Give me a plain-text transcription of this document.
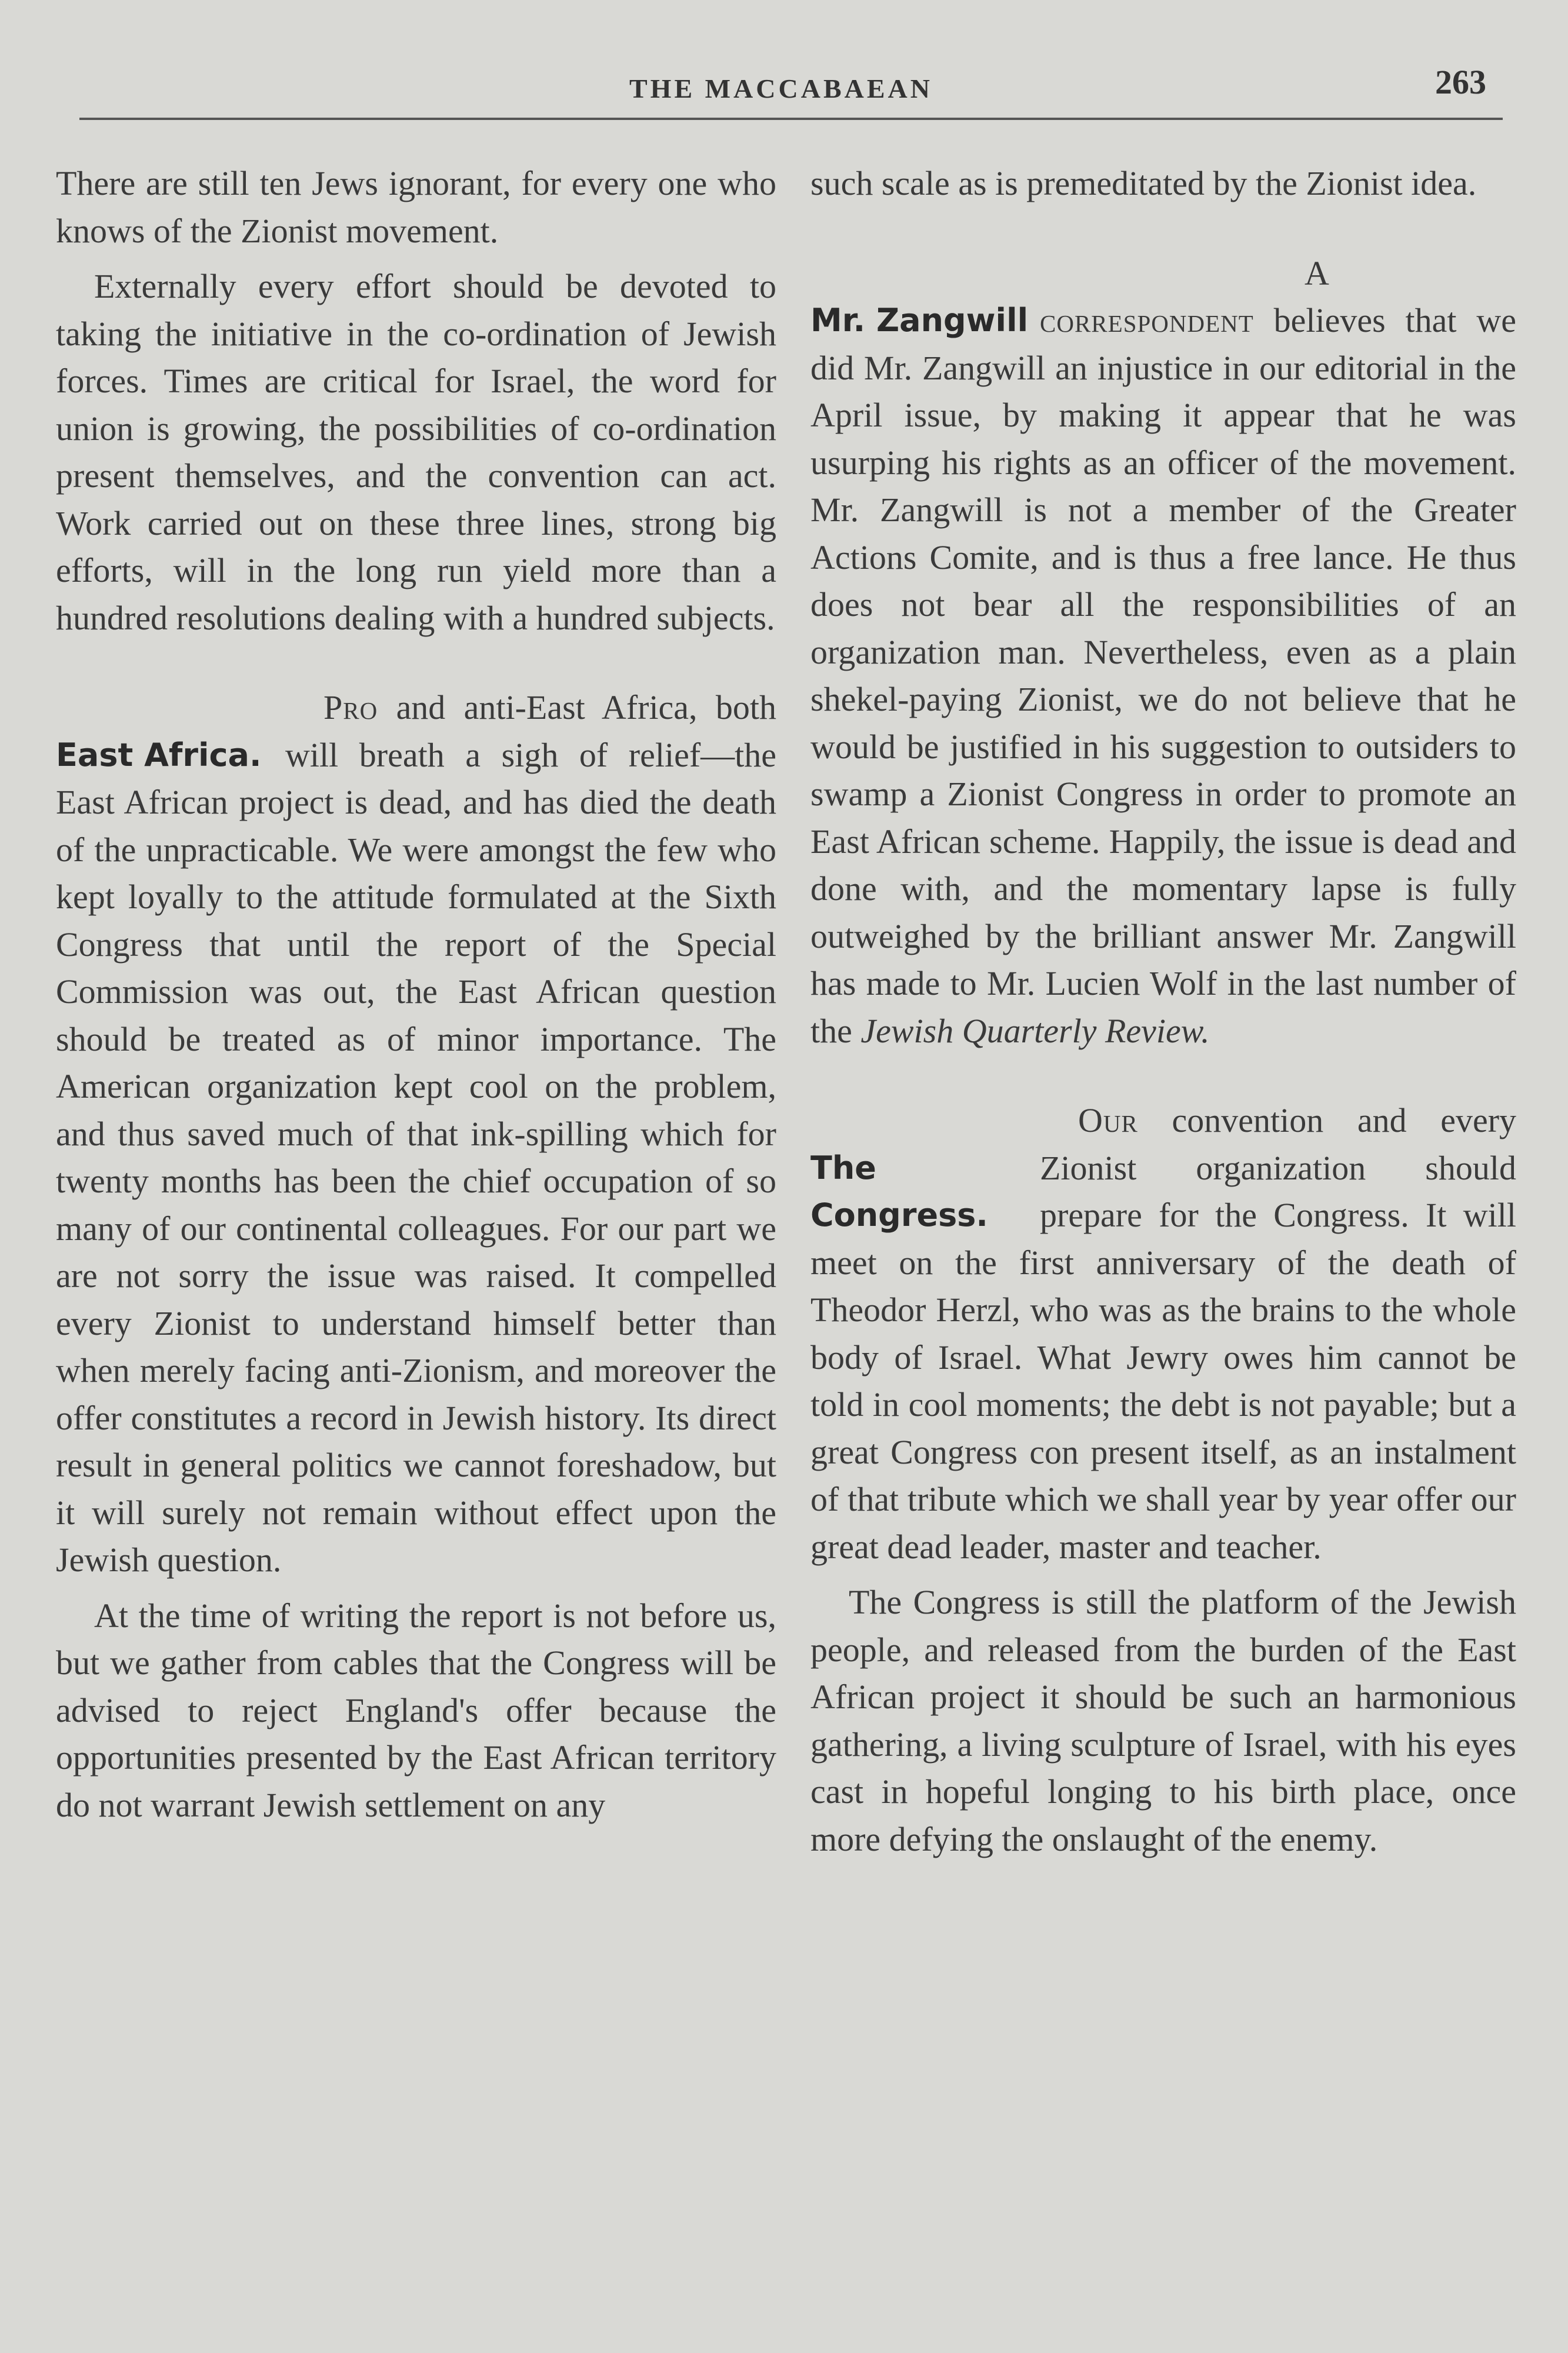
THE MACCABAEAN	263

There are still ten Jews ignorant, for every one who knows of the Zionist movement.

Externally every effort should be devoted to taking the initiative in the co-ordination of Jewish forces. Times are critical for Israel, the word for union is growing, the possibilities of co-ordination present themselves, and the convention can act. Work carried out on these three lines, strong big efforts, will in the long run yield more than a hundred resolutions dealing with a hundred subjects.

East Africa.

Pro and anti-East Africa, both will breath a sigh of relief—the East African project is dead, and has died the death of the unpracticable. We were amongst the few who kept loyally to the attitude formulated at the Sixth Congress that until the report of the Special Commission was out, the East African question should be treated as of minor importance. The American organization kept cool on the problem, and thus saved much of that ink-spilling which for twenty months has been the chief occupation of so many of our continental colleagues. For our part we are not sorry the issue was raised. It compelled every Zionist to understand himself better than when merely facing anti-Zionism, and moreover the offer constitutes a record in Jewish history. Its direct result in general politics we cannot foreshadow, but it will surely not remain without effect upon the Jewish question.

At the time of writing the report is not before us, but we gather from cables that the Congress will be advised to reject England's offer because the opportunities presented by the East African territory do not warrant Jewish settlement on any

such scale as is premeditated by the Zionist idea.

Mr. Zangwill

A correspondent believes that we did Mr. Zangwill an injustice in our editorial in the April issue, by making it appear that he was usurping his rights as an officer of the movement. Mr. Zangwill is not a member of the Greater Actions Comite, and is thus a free lance. He thus does not bear all the responsibilities of an organization man. Nevertheless, even as a plain shekel-paying Zionist, we do not believe that he would be justified in his suggestion to outsiders to swamp a Zionist Congress in order to promote an East African scheme. Happily, the issue is dead and done with, and the momentary lapse is fully outweighed by the brilliant answer Mr. Zangwill has made to Mr. Lucien Wolf in the last number of the Jewish Quarterly Review.

The Congress.

Our convention and every Zionist organization should prepare for the Congress. It will meet on the first anniversary of the death of Theodor Herzl, who was as the brains to the whole body of Israel. What Jewry owes him cannot be told in cool moments; the debt is not payable; but a great Congress con present itself, as an instalment of that tribute which we shall year by year offer our great dead leader, master and teacher.

The Congress is still the platform of the Jewish people, and released from the burden of the East African project it should be such an harmonious gathering, a living sculpture of Israel, with his eyes cast in hopeful longing to his birth place, once more defying the onslaught of the enemy.
